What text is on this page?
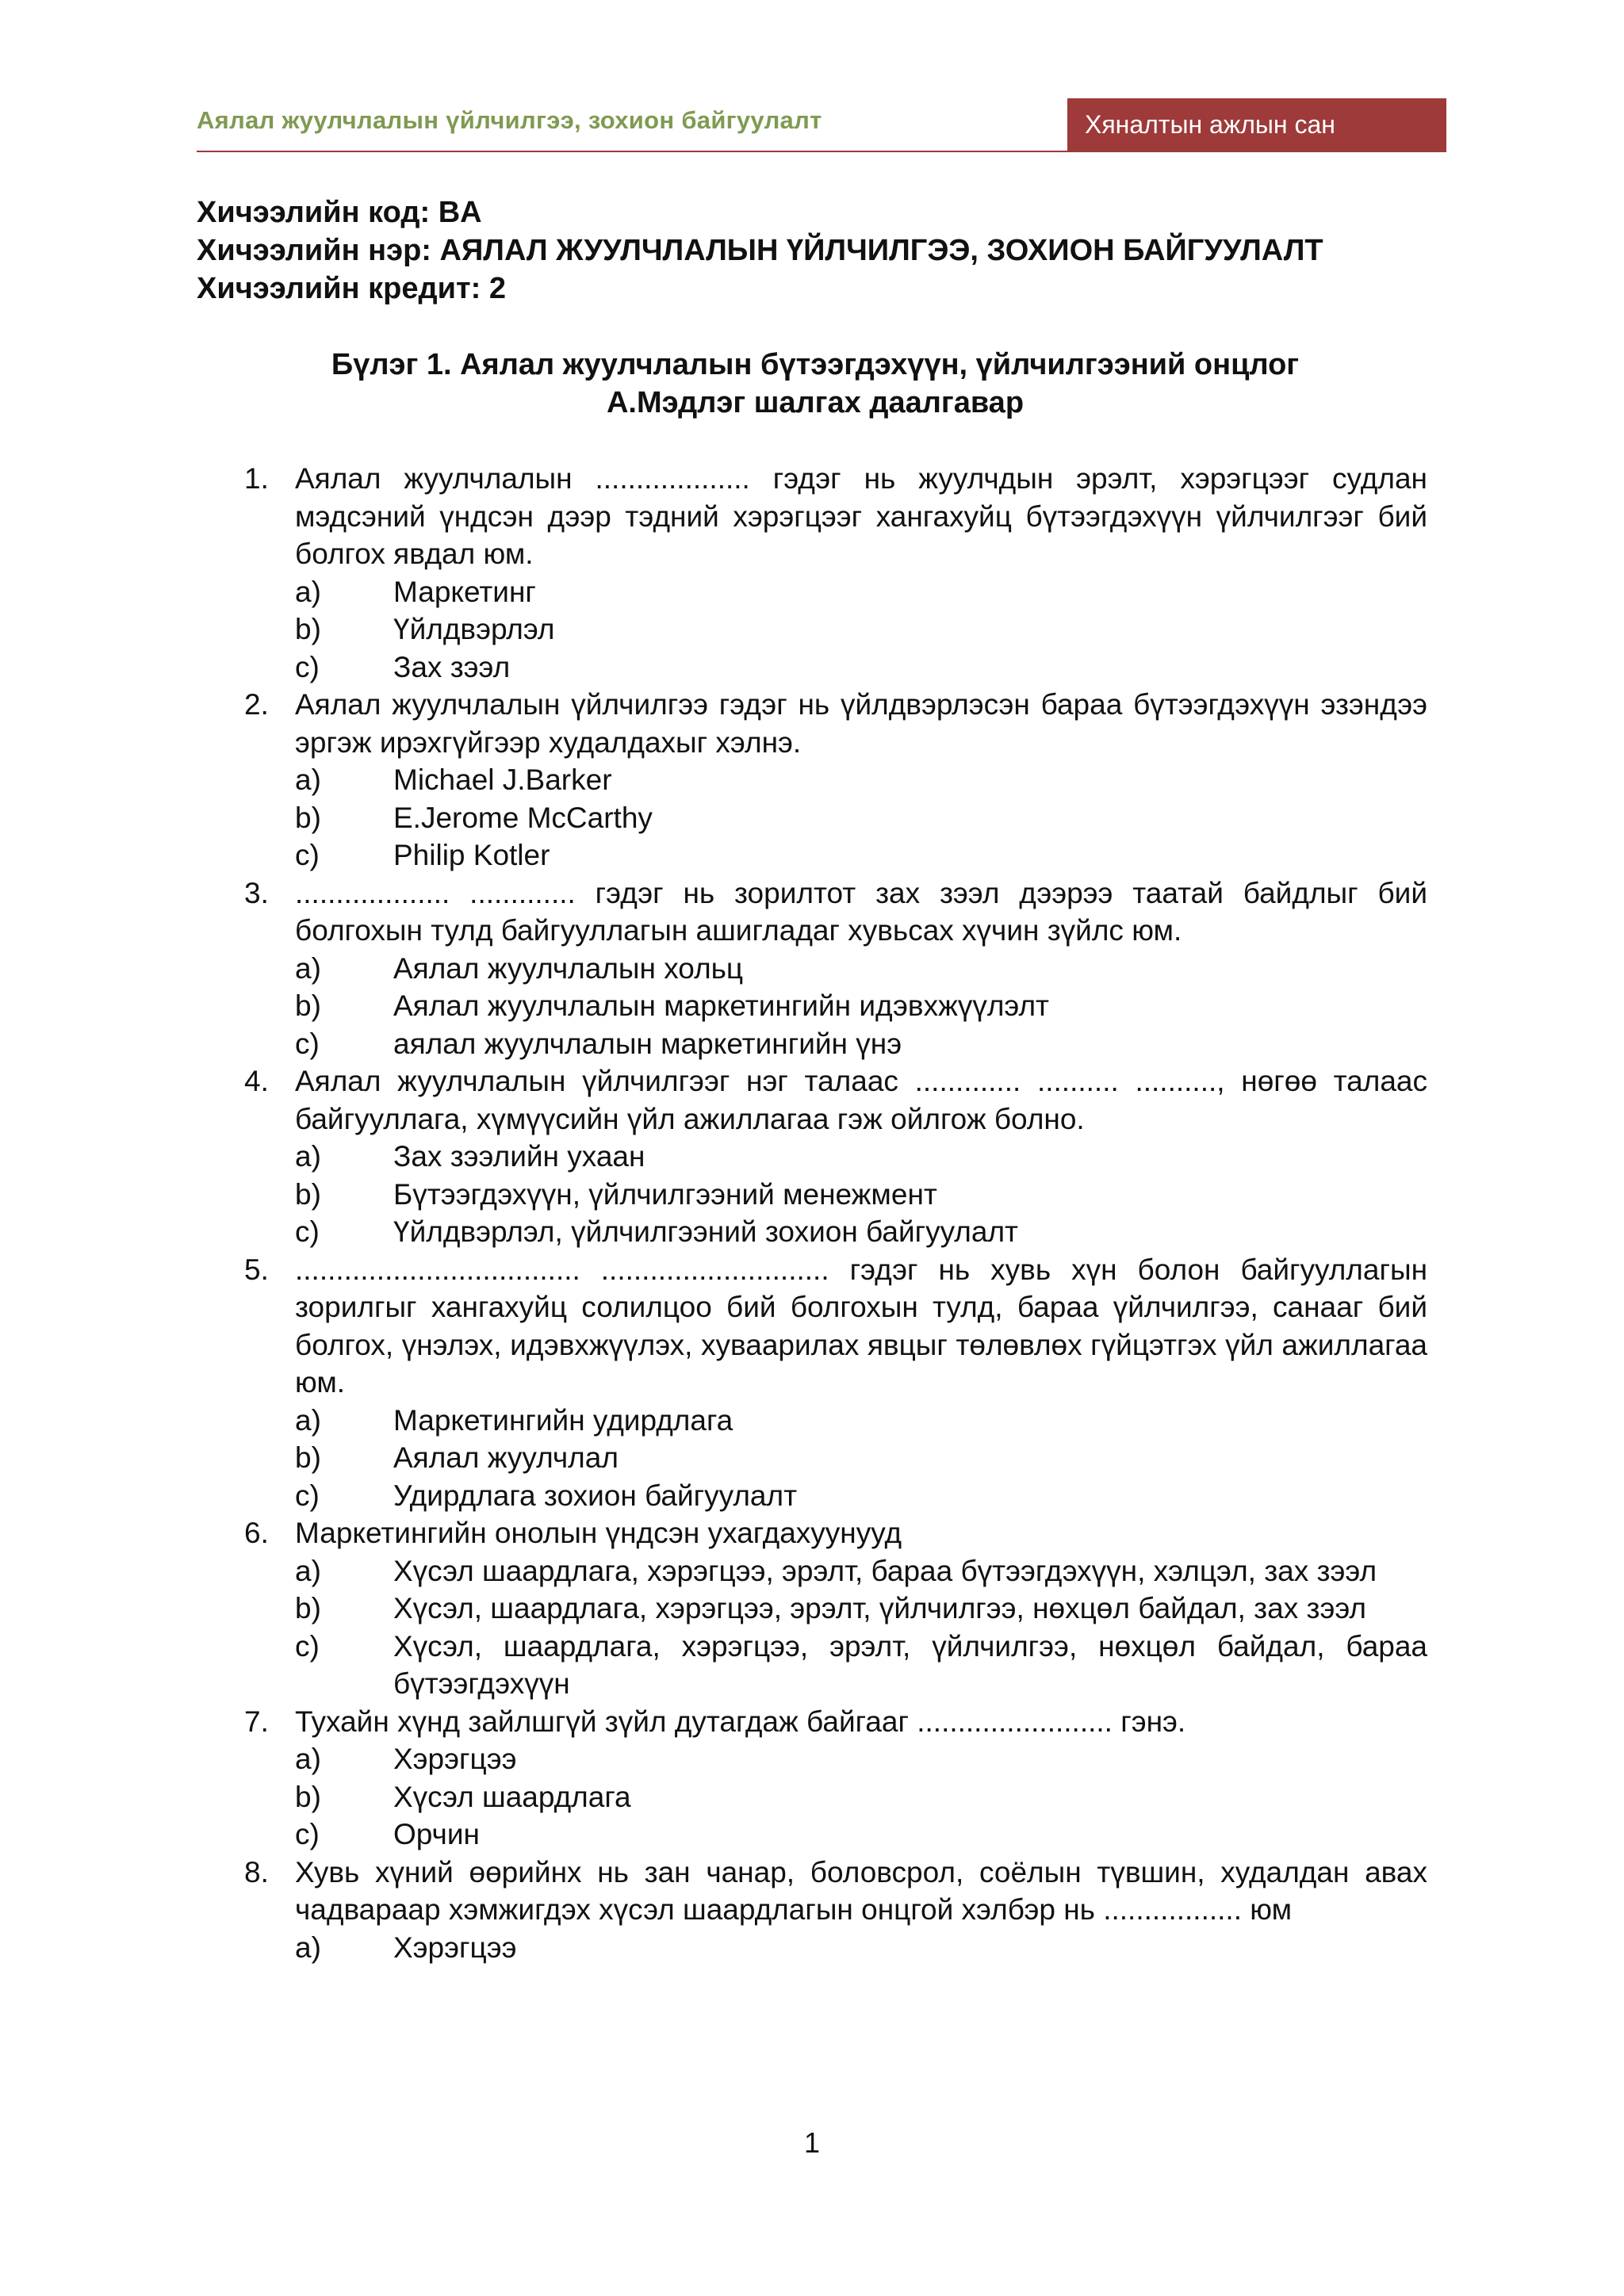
Аялал жуулчлалын үйлчилгээ, зохион байгуулалт	Хяналтын ажлын сан
Хичээлийн код: BA
Хичээлийн нэр: АЯЛАЛ ЖУУЛЧЛАЛЫН ҮЙЛЧИЛГЭЭ, ЗОХИОН БАЙГУУЛАЛТ
Хичээлийн кредит: 2
Бүлэг 1. Аялал жуулчлалын бүтээгдэхүүн, үйлчилгээний онцлог
А.Мэдлэг шалгах даалгавар
1. Аялал жуулчлалын ................... гэдэг нь жуулчдын эрэлт, хэрэгцээг судлан мэдсэний үндсэн дээр тэдний хэрэгцээг хангахуйц бүтээгдэхүүн үйлчилгээг бий болгох явдал юм.
a) Маркетинг
b) Үйлдвэрлэл
c)	Зах зээл
2. Аялал жуулчлалын үйлчилгээ гэдэг нь үйлдвэрлэсэн бараа бүтээгдэхүүн эзэндээ эргэж ирэхгүйгээр худалдахыг хэлнэ.
a) Michael J.Barker
b) E.Jerome McCarthy
c)	Philip Kotler
3. ................... ............. гэдэг нь зорилтот зах зээл дээрээ таатай байдлыг бий болгохын тулд байгууллагын ашигладаг хувьсах хүчин зүйлс юм.
a) Аялал жуулчлалын хольц
b) Аялал жуулчлалын маркетингийн идэвхжүүлэлт
c)	аялал жуулчлалын маркетингийн үнэ
4. Аялал жуулчлалын үйлчилгээг нэг талаас ............. .......... .........., нөгөө талаас байгууллага, хүмүүсийн үйл ажиллагаа гэж ойлгож болно.
a) Зах зээлийн ухаан
b) Бүтээгдэхүүн, үйлчилгээний менежмент
c)	Үйлдвэрлэл, үйлчилгээний зохион байгуулалт
5. ................................... ............................ гэдэг нь хувь хүн болон байгууллагын зорилгыг хангахуйц солилцоо бий болгохын тулд, бараа үйлчилгээ, санааг бий болгох, үнэлэх, идэвхжүүлэх, хуваарилах явцыг төлөвлөх гүйцэтгэх үйл ажиллагаа юм.
a) Маркетингийн удирдлага
b) Аялал жуулчлал
c)	Удирдлага зохион байгуулалт
6. Маркетингийн онолын үндсэн ухагдахуунууд
a) Хүсэл шаардлага, хэрэгцээ, эрэлт, бараа бүтээгдэхүүн, хэлцэл, зах зээл
b) Хүсэл, шаардлага, хэрэгцээ, эрэлт, үйлчилгээ, нөхцөл байдал, зах зээл
c)	Хүсэл, шаардлага, хэрэгцээ, эрэлт, үйлчилгээ, нөхцөл байдал, бараа бүтээгдэхүүн
7. Тухайн хүнд зайлшгүй зүйл дутагдаж байгааг ........................ гэнэ.
a) Хэрэгцээ
b) Хүсэл шаардлага
c)	Орчин
8. Хувь хүний өөрийнх нь зан чанар, боловсрол, соёлын түвшин, худалдан авах чадвараар хэмжигдэх хүсэл шаардлагын онцгой хэлбэр нь ................. юм
a) Хэрэгцээ
1
